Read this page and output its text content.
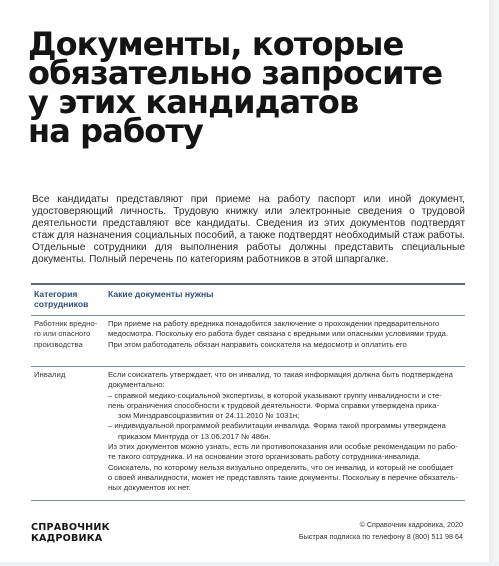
Документы, которые
обязательно запросите
у этих кандидатов
на работу

Все кандидаты представляют при приеме на работу паспорт или иной документ, удостоверяющий личность. Трудовую книжку или электронные сведения о трудовой деятельности представляют все кандидаты. Сведения из этих документов подтвердят стаж для назначения социальных пособий, а также подтвердят необходимый стаж работы. Отдельные сотрудники для выполнения работы должны представить специальные документы. Полный перечень по категориям работников в этой шпаргалке.

Категория сотрудников
Какие документы нужны
Работник вредно-
го или опасного
производства
При приеме на работу вредника понадобится заключение о прохождении предварительного
медосмотра. Поскольку его работа будет связана с вредными или опасными условиями труда.
При этом работодатель обязан направить соискателя на медосмотр и оплатить его
Инвалид	Если соискатель утверждает, что он инвалид, то такая информация должна быть подтверждена
документально:
– справкой медико-социальной экспертизы, в которой указывают группу инвалидности и сте-
пень ограничения способности к трудовой деятельности. Форма справки утверждена прика-
зом Минздравсоцразвития от 24.11.2010 № 1031н;
– индивидуальной программой реабилитации инвалида. Форма такой программы утверждена
приказом Минтруда от 13.06.2017 № 486н.
Из этих документов можно узнать, есть ли противопоказания или особые рекомендации по рабо-
те такого сотрудника. И на основании этого организовать работу сотрудника-инвалида.
Соискатель, по которому нельзя визуально определить, что он инвалид, и который не сообщает
о своей инвалидности, может не представлять такие документы. Поскольку в перечне обязатель-
ных документов их нет.
СПРАВОЧНИК
КАДРОВИКА
© Справочник кадровика, 2020
Быстрая подписка по телефону 8 (800) 511 98 64
